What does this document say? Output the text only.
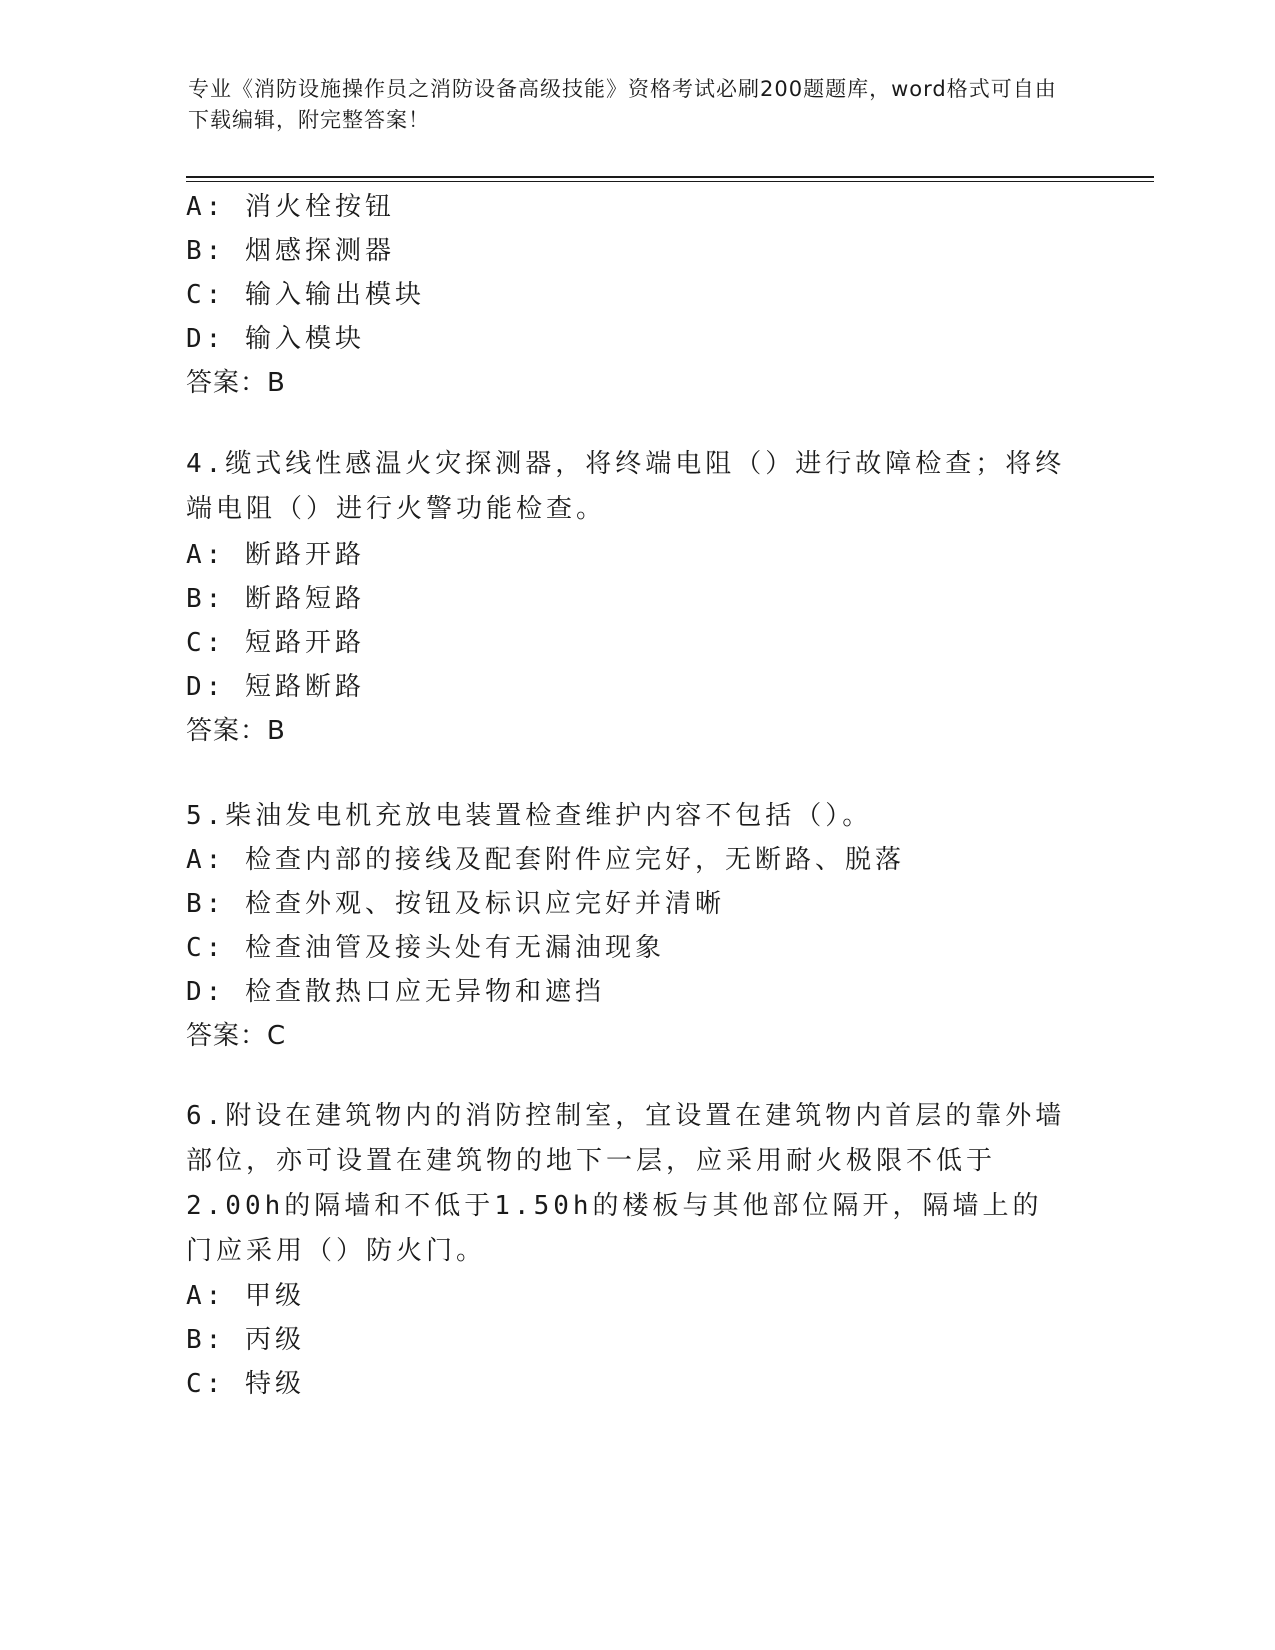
专业《消防设施操作员之消防设备高级技能》资格考试必刷200题题库，word格式可自由下载编辑，附完整答案！
A: 消火栓按钮
B: 烟感探测器
C: 输入输出模块
D: 输入模块
答案：B
4.缆式线性感温火灾探测器，将终端电阻（）进行故障检查；将终端电阻（）进行火警功能检查。
A: 断路开路
B: 断路短路
C: 短路开路
D: 短路断路
答案：B
5.柴油发电机充放电装置检查维护内容不包括（）。
A: 检查内部的接线及配套附件应完好，无断路、脱落
B: 检查外观、按钮及标识应完好并清晰
C: 检查油管及接头处有无漏油现象
D: 检查散热口应无异物和遮挡
答案：C
6.附设在建筑物内的消防控制室，宜设置在建筑物内首层的靠外墙部位，亦可设置在建筑物的地下一层，应采用耐火极限不低于2.00h的隔墙和不低于1.50h的楼板与其他部位隔开，隔墙上的门应采用（）防火门。
A: 甲级
B: 丙级
C: 特级
